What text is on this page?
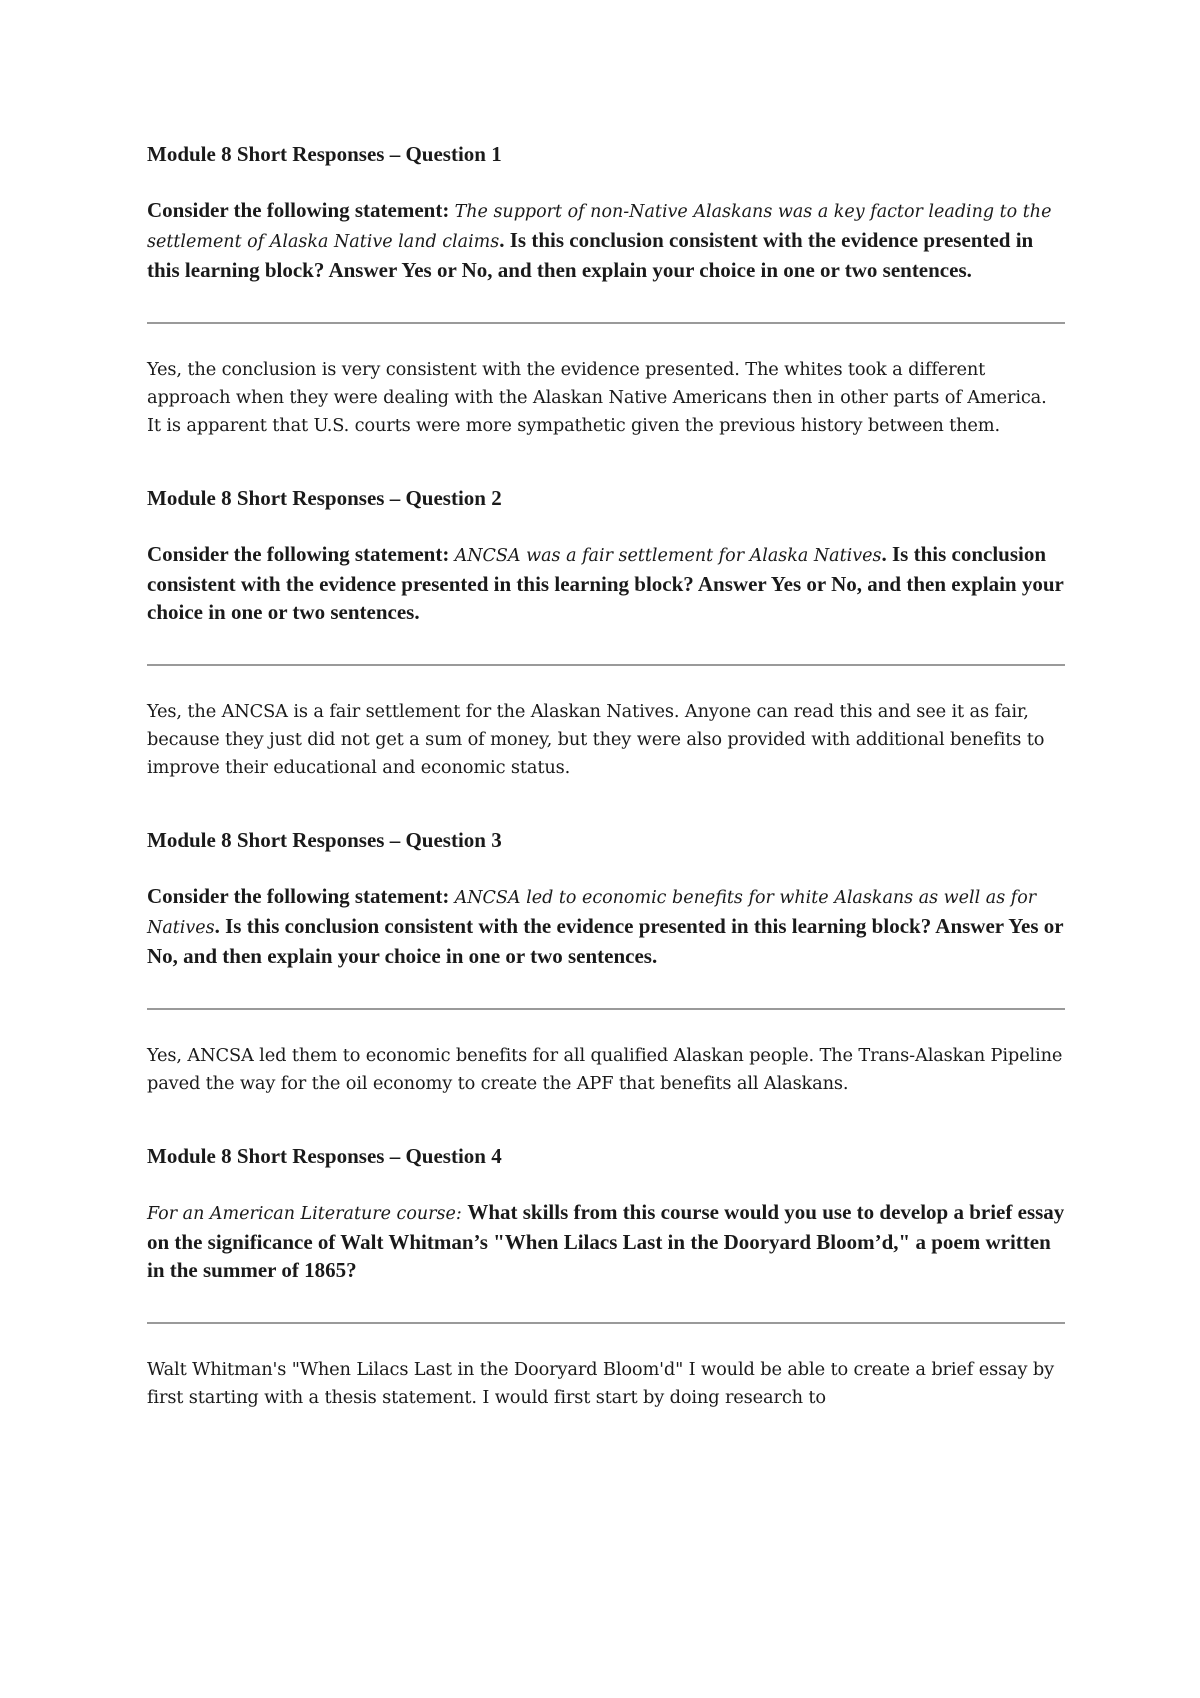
Module 8 Short Responses – Question 1

Consider the following statement: The support of non-Native Alaskans was a key factor leading to the settlement of Alaska Native land claims. Is this conclusion consistent with the evidence presented in this learning block? Answer Yes or No, and then explain your choice in one or two sentences.

Yes, the conclusion is very consistent with the evidence presented. The whites took a different approach when they were dealing with the Alaskan Native Americans then in other parts of America. It is apparent that U.S. courts were more sympathetic given the previous history between them.

Module 8 Short Responses – Question 2

Consider the following statement: ANCSA was a fair settlement for Alaska Natives. Is this conclusion consistent with the evidence presented in this learning block? Answer Yes or No, and then explain your choice in one or two sentences.

Yes, the ANCSA is a fair settlement for the Alaskan Natives. Anyone can read this and see it as fair, because they just did not get a sum of money, but they were also provided with additional benefits to improve their educational and economic status.

Module 8 Short Responses – Question 3

Consider the following statement: ANCSA led to economic benefits for white Alaskans as well as for Natives. Is this conclusion consistent with the evidence presented in this learning block? Answer Yes or No, and then explain your choice in one or two sentences.

Yes, ANCSA led them to economic benefits for all qualified Alaskan people. The Trans-Alaskan Pipeline paved the way for the oil economy to create the APF that benefits all Alaskans.

Module 8 Short Responses – Question 4

For an American Literature course: What skills from this course would you use to develop a brief essay on the significance of Walt Whitman’s "When Lilacs Last in the Dooryard Bloom’d," a poem written in the summer of 1865?

Walt Whitman's "When Lilacs Last in the Dooryard Bloom'd" I would be able to create a brief essay by first starting with a thesis statement. I would first start by doing research to
